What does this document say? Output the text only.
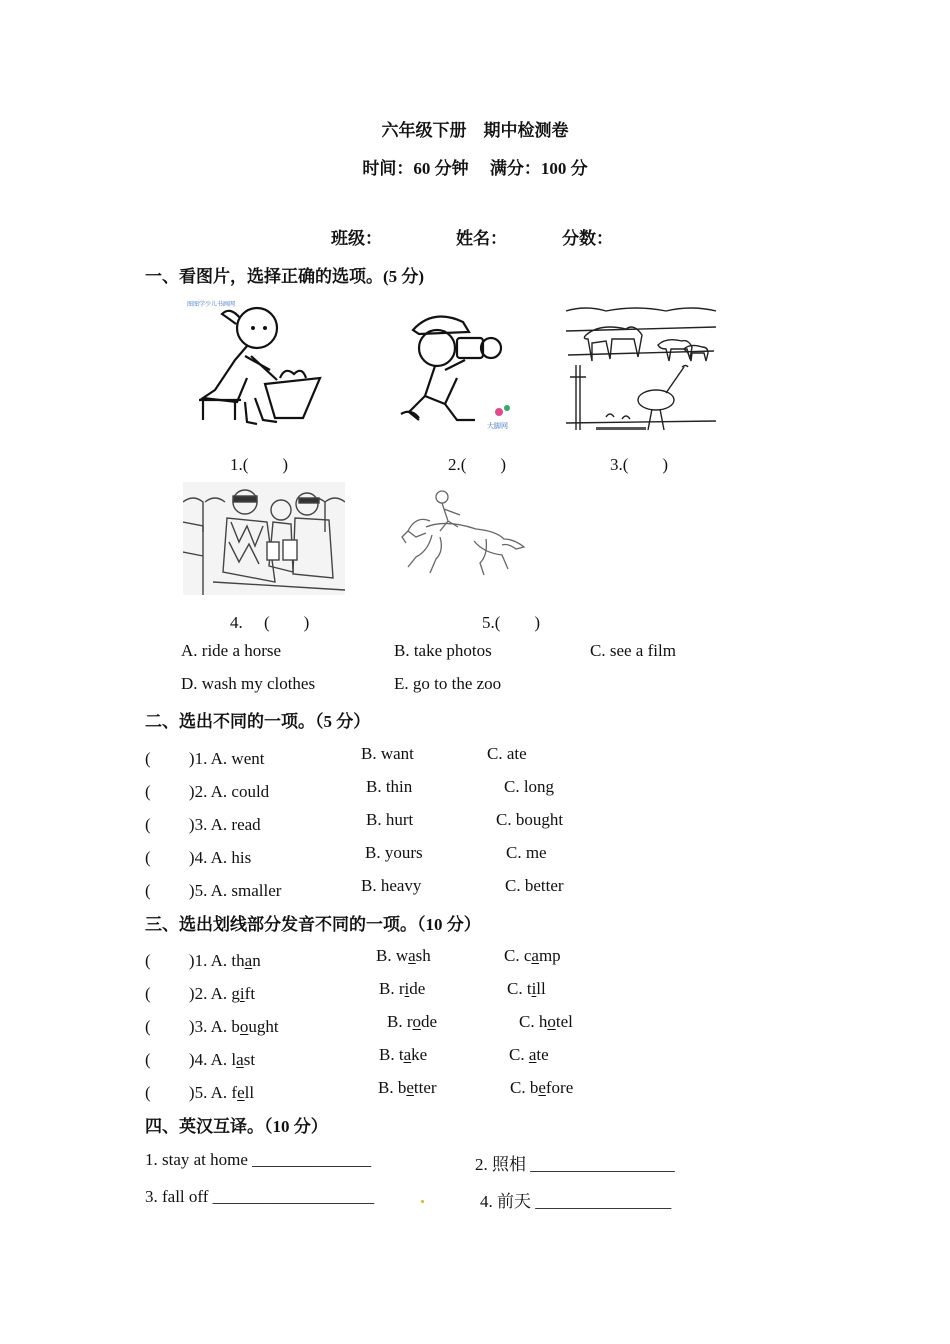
六年级下册　期中检测卷
时间：60 分钟　 满分：100 分
班级：	姓名：	分数：
一、看图片，选择正确的选项。(5 分)
图图学少儿书画网
大脚网
1.(　　)	2.(　　)	3.(　　)
4.　 (　　)	5.(　　)
A. ride a horse	B. take photos	C. see a film
D. wash my clothes	E. go to the zoo
二、选出不同的一项。（5 分）
(　　 )1. A. went	B. want	C. ate
(　　 )2. A. could	B. thin	C. long
(　　 )3. A. read	B. hurt	C. bought
(　　 )4. A. his	B. yours	C. me
(　　 )5. A. smaller	B. heavy	C. better
三、选出划线部分发音不同的一项。（10 分）
(　　 )1. A. than	B. wash	C. camp
(　　 )2. A. gift	B. ride	C. till
(　　 )3. A. bought	B. rode	C. hotel
(　　 )4. A. last	B. take	C. ate
(　　 )5. A. fell	B. better	C. before
四、英汉互译。（10 分）
1. stay at home ______________	2. 照相 _________________
3. fall off ___________________	4. 前天 ________________
